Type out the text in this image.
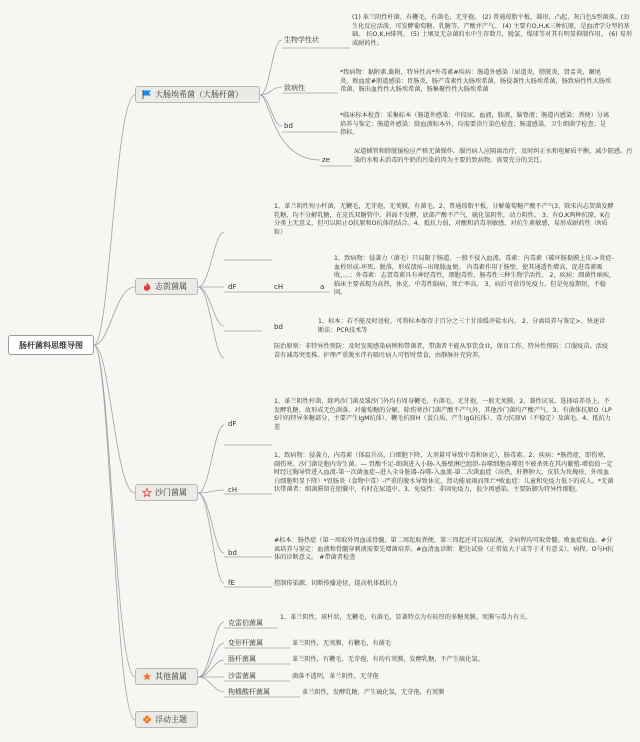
肠杆菌科思维导图
大肠埃希菌（大肠杆菌）
生物学性状
(1) 革兰阴性杆菌，有鞭毛，有菌毛，无芽孢。 (2) 普通琼脂平板，圆形，凸起，灰白色S型菌落。(3)生化反应活泼，可发酵葡萄糖、乳糖等，产酸并产气。 (4) 主要有O,H,K三种抗原，是血清学分型的基础。 抗O,K,H排列。 (5) 土壤及无杂菌的水中生存数月，脱氯，煤球等对其有明显抑制作用。 (6) 易形成耐药性。
致病性
*致病物：黏附素,黏附，特异性高*外毒素#疾病：肠道外感染（尿道炎，膀胱炎，肾盂炎，阑尾炎，败血症#胆道感染：胃肠炎，肠产毒素性大肠埃希菌，肠侵袭性大肠埃希菌，肠致病性性大肠埃希菌，肠出血性性大肠埃希菌，肠集聚性性大肠埃希菌
bd
*临床标本检查：采集标本（肠道外感染：中段尿，血液，脓液，脑脊液；肠道内感染：粪便）分离培养与鉴定；肠道外感染：除血液标本外，均需要涂片染色检查；肠道感染，卫生细菌学检查；是指标。
ze
尿道插管和膀胱镜检应严格无菌操作。服污病人应隔离治疗，及时纠正水和电解质平衡，减少院感。污染的水和未消毒的牛奶的污染的肉为主要的致病物，需要充分的烹饪。
志贺菌属	dF
1、革兰阴性短小杆菌，无鞭毛，无芽孢，无荚膜，有菌毛。2、普通琼脂平板，分解葡萄糖产酸不产气3、除宋内志贺菌发酵乳糖，均不分解乳糖，在克氏双糖管中，斜面不发酵，底部产酸不产气，硫化氢阴性，动力阴性。 3、有O,K两种抗原，K在分类上无意义，但可以阻止O抗原和O抗体的结合。4、抵抗力弱，对酸和消毒剂敏感，对抗生素敏感，易形成耐药性（R质粒）
cH	a
1、致病物：侵袭力（菌毛）只局限于肠道，一般不侵入血流。毒素：内毒素（破坏肠黏膜上皮->炎症-血栓形成-坏死、脱落，形成溃疡--出现脓血便。 内毒素作用于肠壁，使其通透性增高，促进毒素吸收，。。；外毒素：志贺毒素具有神经毒性，细胞毒性，肠毒性三种生物学活性。 2、疾病：细菌性痢疾，临床主要表现为高热，休克，中毒性脑病，死亡率高。 3、病后可获得免疫力，但是免疫期短，不稳固。
bd
1、标本：若不能及时送检，可将标本保存于百分之三十甘油缓冲盐水内。 2、分离培养与鉴定>、快速诊断法：PCR技术等
防治原则：非特异性预防：及时发现感染病例和带菌者，带菌者不能从事饮食业，保育工作。特异性预防：口服疫苗。活疫苗有减毒突变株。护理严重脱水伴有吸吐病人可暂时禁食，由静脉补充营养。
沙门菌属
dF
1、革兰阴性杆菌，除鸡沙门菌及雏沙门外均有周身鞭毛，有菌毛，无芽孢，一般无荚膜。2、兼性厌氧，选择培养基上，不发酵乳糖，故形成无色菌落。对葡萄糖的分解，除伤寒沙门菌产酸不产气外，其他沙门菌均产酸产气。3、有菌体抗原O（LPS中的特异多糖部分，主要产生IgM抗体）、鞭毛抗原H（蛋白质，产生IgG抗体）、毒力抗原Vi（不稳定）及菌毛。4、抵抗力差
cH
1、致病物：侵袭力，内毒素（体温升高，白细胞下降，大剂量可导致中毒和休克），肠毒素。2、疾病：*肠热症，即伤寒，副伤寒。沙门菌是胞内寄生菌。— 胃酸不足-细菌进入小肠-入肠壁淋巴组织-吞噬细胞吞噬但不被杀死在其内繁殖-增值值一定时经过胸导管进入血流-第一次菌血症--进入全身脏器-吞噬-入血流-第二次菌血症（高热，肝脾肿大，皮肤为玫瑰疹，外周血白细胞明显下降）*胃肠炎（食物中毒）-严重的脱水导致休克，肾功能衰竭而死亡*败血症：儿童和免疫力低下的成人。*无菌状带菌者：细菌滞留在胆囊中，有时在尿道中。3、免疫性：非固免疫力，很少再感染。主要防御为特异性细胞。
bd
#标本：肠热症（第一周取外周血或骨髓，第二周起取粪便，第三周起还可以取尿液，全病程均可取骨髓。败血症取血。#分离培养与鉴定：血液和骨髓穿刺液需要先增菌培养。#血清血诊断：肥达试验（正常值大于或等于才有意义），病程。O与H抗体的诊断意义。 #带菌者检查
fE	控制传染源，切断传播途径，提高机体抵抗力
其他菌属
克雷伯菌属
1、革兰阴性，球杆状，无鞭毛，有菌毛，显著特点为有较厚的多糖荚膜。荚膜与毒力有关。
变形杆菌属	革兰阴性，无荚膜，有鞭毛，有菌毛
肠杆菌属	革兰阴性，有鞭毛，无芽孢，有的有荚膜，发酵乳糖，不产生硫化氢。
沙雷菌属	菌落不透明，革兰阴性，无芽孢
枸橼酸杆菌属	革兰阴性，发酵乳糖，产生硫化氢，无芽孢，有荚膜
浮动主题
